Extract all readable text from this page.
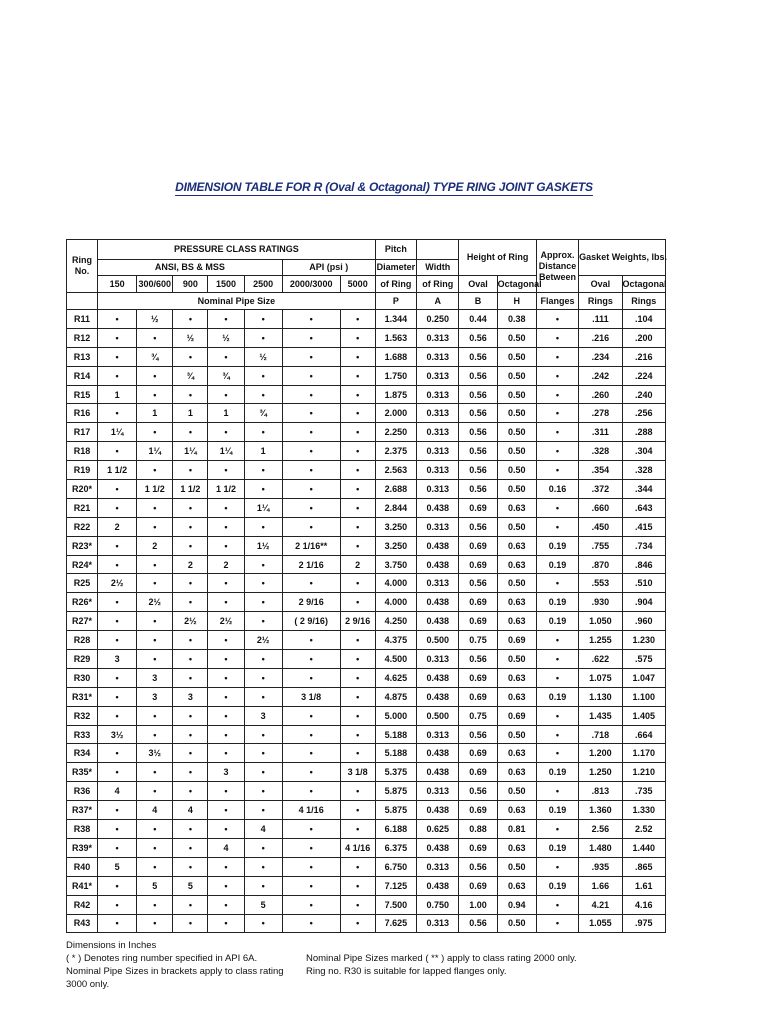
DIMENSION TABLE FOR R (Oval & Octagonal) TYPE RING JOINT GASKETS
Ring No.	PRESSURE CLASS RATINGS							Pitch		Height of Ring		Approx.
Distance
Between	Gasket Weights, lbs.	
	ANSI, BS & MSS					API (psi )		Diameter	Width					
	150	300/600	900	1500	2500	2000/3000	5000	of Ring	of Ring	Oval	Octagonal		Oval	Octagonal
	Nominal Pipe Size							P	A	B	H	Flanges	Rings	Rings
R11	•	½	•	•	•	•	•	1.344	0.250	0.44	0.38	•	.111	.104
R12	•	•	½	½	•	•	•	1.563	0.313	0.56	0.50	•	.216	.200
R13	•	¾	•	•	½	•	•	1.688	0.313	0.56	0.50	•	.234	.216
R14	•	•	¾	¾	•	•	•	1.750	0.313	0.56	0.50	•	.242	.224
R15	1	•	•	•	•	•	•	1.875	0.313	0.56	0.50	•	.260	.240
R16	•	1	1	1	¾	•	•	2.000	0.313	0.56	0.50	•	.278	.256
R17	1¼	•	•	•	•	•	•	2.250	0.313	0.56	0.50	•	.311	.288
R18	•	1¼	1¼	1¼	1	•	•	2.375	0.313	0.56	0.50	•	.328	.304
R19	1 1/2	•	•	•	•	•	•	2.563	0.313	0.56	0.50	•	.354	.328
R20*	•	1 1/2	1 1/2	1 1/2	•	•	•	2.688	0.313	0.56	0.50	0.16	.372	.344
R21	•	•	•	•	1¼	•	•	2.844	0.438	0.69	0.63	•	.660	.643
R22	2	•	•	•	•	•	•	3.250	0.313	0.56	0.50	•	.450	.415
R23*	•	2	•	•	1½	2 1/16**	•	3.250	0.438	0.69	0.63	0.19	.755	.734
R24*	•	•	2	2	•	2 1/16	2	3.750	0.438	0.69	0.63	0.19	.870	.846
R25	2½	•	•	•	•	•	•	4.000	0.313	0.56	0.50	•	.553	.510
R26*	•	2½	•	•	•	2 9/16	•	4.000	0.438	0.69	0.63	0.19	.930	.904
R27*	•	•	2½	2½	•	( 2 9/16)	2 9/16	4.250	0.438	0.69	0.63	0.19	1.050	.960
R28	•	•	•	•	2½	•	•	4.375	0.500	0.75	0.69	•	1.255	1.230
R29	3	•	•	•	•	•	•	4.500	0.313	0.56	0.50	•	.622	.575
R30	•	3	•	•	•	•	•	4.625	0.438	0.69	0.63	•	1.075	1.047
R31*	•	3	3	•	•	3 1/8	•	4.875	0.438	0.69	0.63	0.19	1.130	1.100
R32	•	•	•	•	3	•	•	5.000	0.500	0.75	0.69	•	1.435	1.405
R33	3½	•	•	•	•	•	•	5.188	0.313	0.56	0.50	•	.718	.664
R34	•	3½	•	•	•	•	•	5.188	0.438	0.69	0.63	•	1.200	1.170
R35*	•	•	•	3	•	•	3 1/8	5.375	0.438	0.69	0.63	0.19	1.250	1.210
R36	4	•	•	•	•	•	•	5.875	0.313	0.56	0.50	•	.813	.735
R37*	•	4	4	•	•	4 1/16	•	5.875	0.438	0.69	0.63	0.19	1.360	1.330
R38	•	•	•	•	4	•	•	6.188	0.625	0.88	0.81	•	2.56	2.52
R39*	•	•	•	4	•	•	4 1/16	6.375	0.438	0.69	0.63	0.19	1.480	1.440
R40	5	•	•	•	•	•	•	6.750	0.313	0.56	0.50	•	.935	.865
R41*	•	5	5	•	•	•	•	7.125	0.438	0.69	0.63	0.19	1.66	1.61
R42	•	•	•	•	5	•	•	7.500	0.750	1.00	0.94	•	4.21	4.16
R43	•	•	•	•	•	•	•	7.625	0.313	0.56	0.50	•	1.055	.975
Dimensions in Inches
( * ) Denotes ring number specified in API 6A.	Nominal Pipe Sizes marked ( ** ) apply to class rating 2000 only.
Nominal Pipe Sizes in brackets apply to class rating 3000 only.
Ring no. R30 is suitable for lapped flanges only.
